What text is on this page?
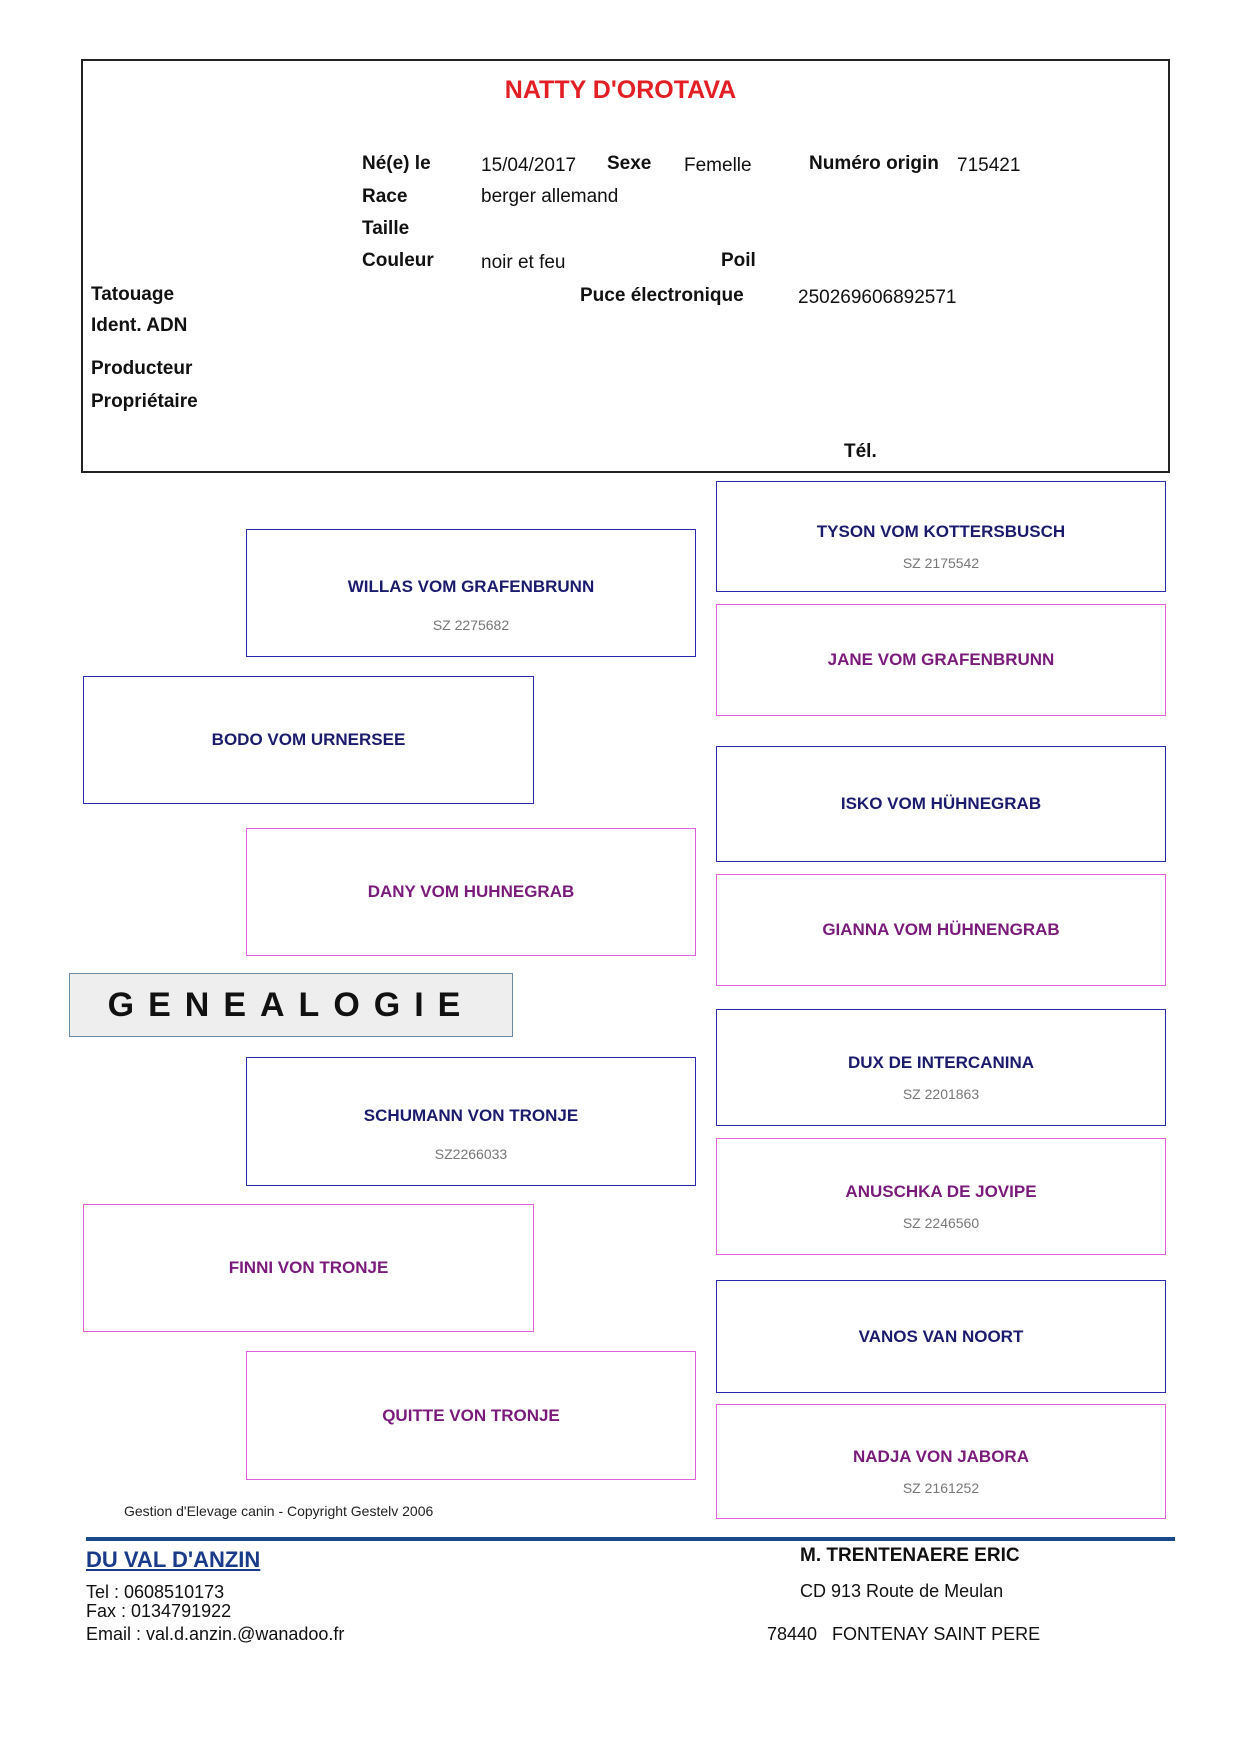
NATTY D'OROTAVA
Né(e) le	15/04/2017 Sexe Femelle	Numéro origin 715421
Race	berger allemand
Taille
Couleur noir et feu	Poil
Tatouage	Puce électronique	250269606892571
Ident. ADN
Producteur
Propriétaire
Tél.
BODO VOM URNERSEE
FINNI VON TRONJE
WILLAS VOM GRAFENBRUNN
SZ 2275682
DANY VOM HUHNEGRAB
SCHUMANN VON TRONJE
SZ2266033
QUITTE VON TRONJE
TYSON VOM KOTTERSBUSCH
SZ 2175542
JANE VOM GRAFENBRUNN
ISKO VOM HÜHNEGRAB
GIANNA VOM HÜHNENGRAB
DUX DE INTERCANINA
SZ 2201863
ANUSCHKA DE JOVIPE
SZ 2246560
VANOS VAN NOORT
NADJA VON JABORA
SZ 2161252
GENEALOGIE
Gestion d'Elevage canin - Copyright Gestelv 2006
DU VAL D'ANZIN
Tel : 0608510173
Fax : 0134791922
Email : val.d.anzin.@wanadoo.fr
M. TRENTENAERE ERIC
CD 913 Route de Meulan
78440   FONTENAY SAINT PERE
